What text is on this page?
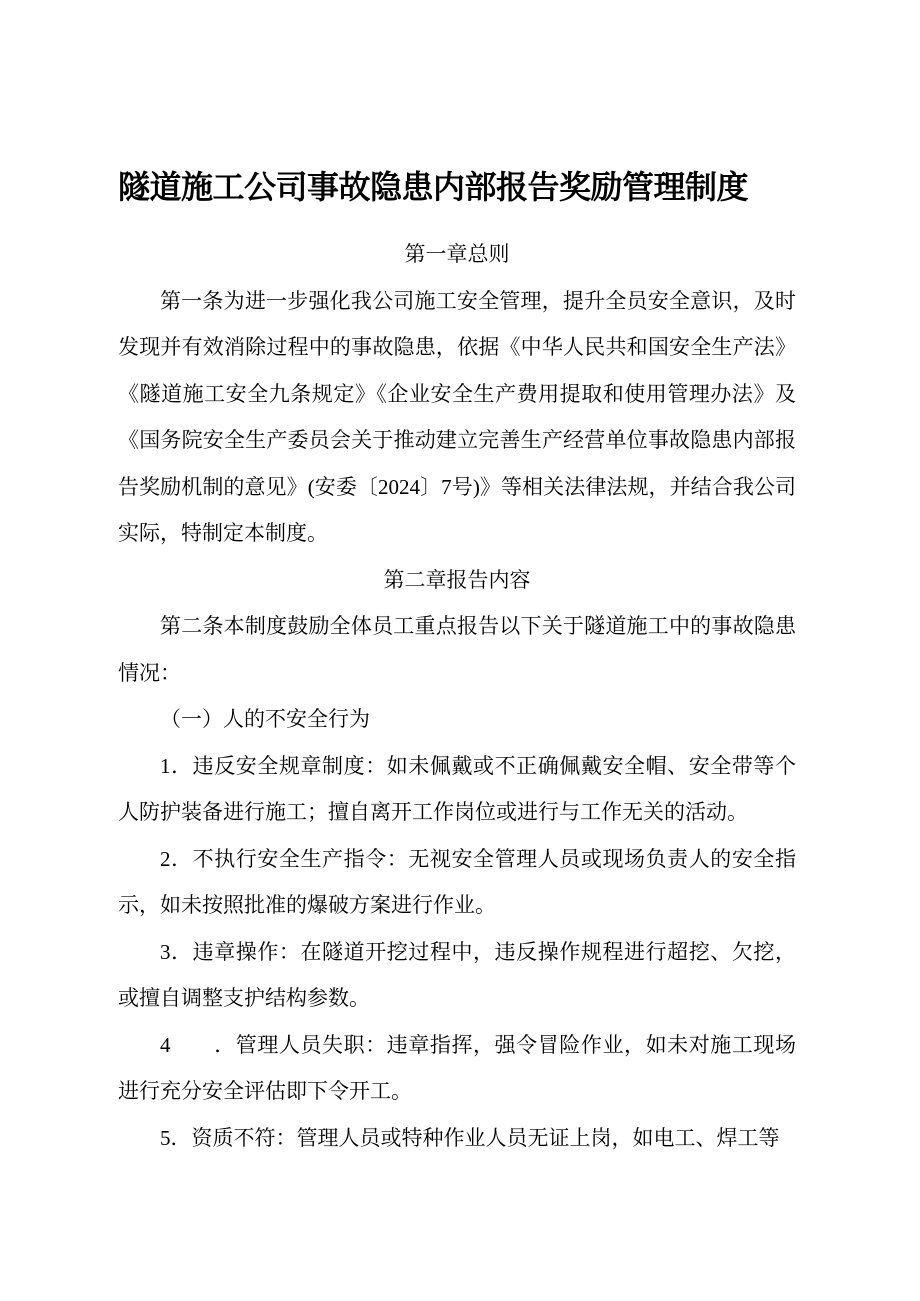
隧道施工公司事故隐患内部报告奖励管理制度
第一章总则

第一条为进一步强化我公司施工安全管理，提升全员安全意识，及时发现并有效消除过程中的事故隐患，依据《中华人民共和国安全生产法》《隧道施工安全九条规定》《企业安全生产费用提取和使用管理办法》及《国务院安全生产委员会关于推动建立完善生产经营单位事故隐患内部报告奖励机制的意见》(安委〔2024〕7号)》等相关法律法规，并结合我公司实际，特制定本制度。

第二章报告内容

第二条本制度鼓励全体员工重点报告以下关于隧道施工中的事故隐患情况：

（一）人的不安全行为

1．违反安全规章制度：如未佩戴或不正确佩戴安全帽、安全带等个人防护装备进行施工；擅自离开工作岗位或进行与工作无关的活动。

2．不执行安全生产指令：无视安全管理人员或现场负责人的安全指示，如未按照批准的爆破方案进行作业。

3．违章操作：在隧道开挖过程中，违反操作规程进行超挖、欠挖，或擅自调整支护结构参数。

4　　．管理人员失职：违章指挥，强令冒险作业，如未对施工现场进行充分安全评估即下令开工。

5．资质不符：管理人员或特种作业人员无证上岗，如电工、焊工等
